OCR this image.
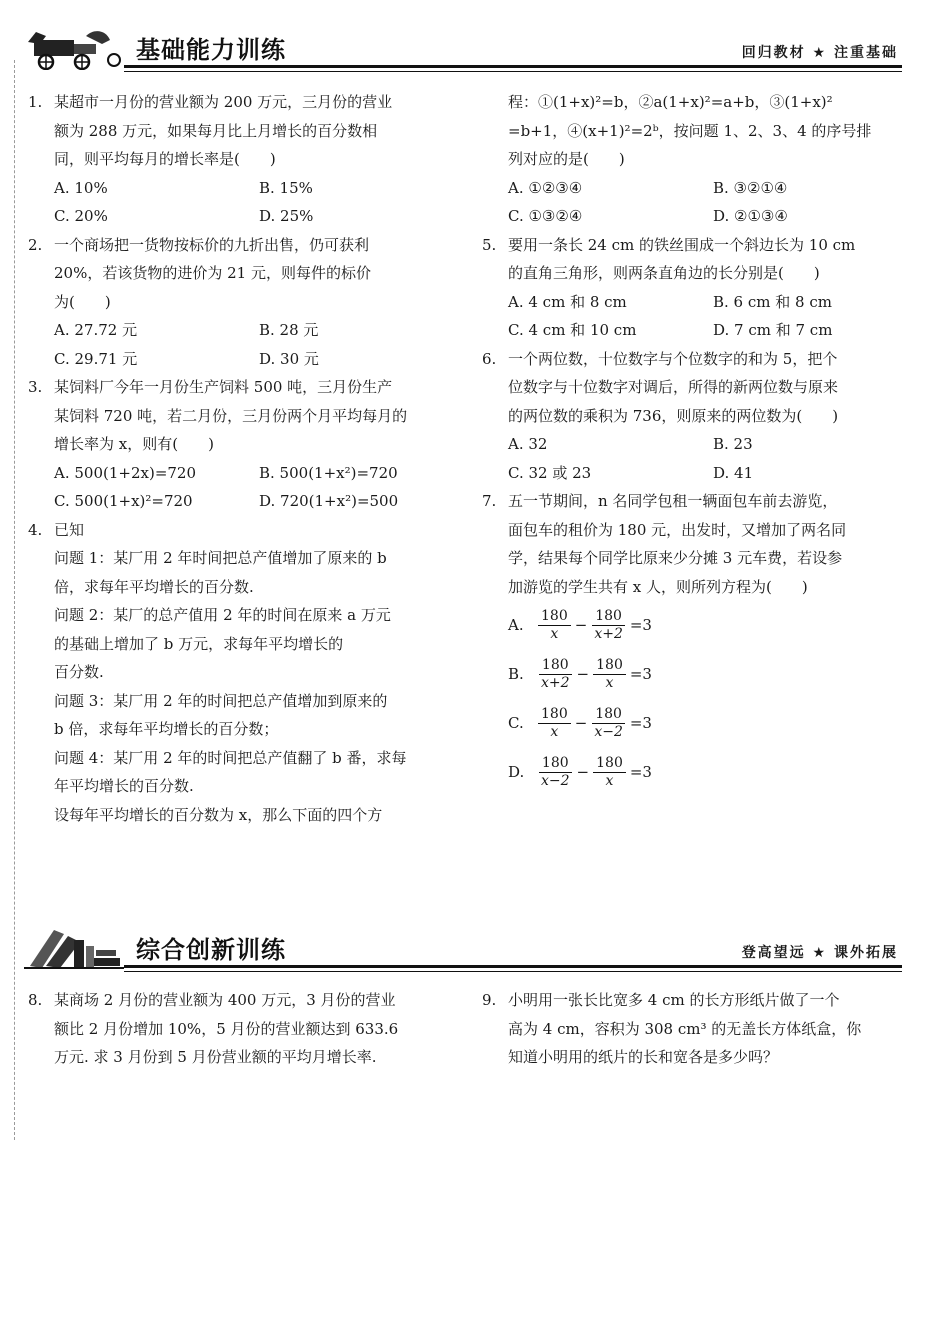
基础能力训练	回归教材 ★ 注重基础
1. 某超市一月份的营业额为 200 万元，三月份的营业

额为 288 万元，如果每月比上月增长的百分数相

同，则平均每月的增长率是(　　)

A. 10%	B. 15%
C. 20%	D. 25%
2. 一个商场把一货物按标价的九折出售，仍可获利

20%，若该货物的进价为 21 元，则每件的标价

为(　　)

A. 27.72 元	B. 28 元
C. 29.71 元	D. 30 元
3. 某饲料厂今年一月份生产饲料 500 吨，三月份生产

某饲料 720 吨，若二月份，三月份两个月平均每月的

增长率为 x，则有(　　)

A. 500(1+2x)=720	B. 500(1+x²)=720
C. 500(1+x)²=720	D. 720(1+x²)=500
4. 已知

问题 1：某厂用 2 年时间把总产值增加了原来的 b

倍，求每年平均增长的百分数.

问题 2：某厂的总产值用 2 年的时间在原来 a 万元

的基础上增加了 b 万元，求每年平均增长的

百分数.

问题 3：某厂用 2 年的时间把总产值增加到原来的

b 倍，求每年平均增长的百分数；

问题 4：某厂用 2 年的时间把总产值翻了 b 番，求每

年平均增长的百分数.

设每年平均增长的百分数为 x，那么下面的四个方

程：①(1+x)²=b，②a(1+x)²=a+b，③(1+x)²

=b+1，④(x+1)²=2ᵇ，按问题 1、2、3、4 的序号排

列对应的是(　　)

A. ①②③④	B. ③②①④
C. ①③②④	D. ②①③④
5. 要用一条长 24 cm 的铁丝围成一个斜边长为 10 cm

的直角三角形，则两条直角边的长分别是(　　)

A. 4 cm 和 8 cm	B. 6 cm 和 8 cm
C. 4 cm 和 10 cm	D. 7 cm 和 7 cm
6. 一个两位数，十位数字与个位数字的和为 5，把个

位数字与十位数字对调后，所得的新两位数与原来

的两位数的乘积为 736，则原来的两位数为(　　)

A. 32	B. 23
C. 32 或 23	D. 41
7. 五一节期间，n 名同学包租一辆面包车前去游览，

面包车的租价为 180 元，出发时，又增加了两名同

学，结果每个同学比原来少分摊 3 元车费，若设参

加游览的学生共有 x 人，则所列方程为(　　)

A.	$\frac{180}{x} - \frac{180}{x+2} =3$
B.	$\frac{180}{x+2} - \frac{180}{x} =3$
C.	$\frac{180}{x} - \frac{180}{x-2} =3$
D. $\frac{180}{x-2} - \frac{180}{x} =3$
综合创新训练	登高望远 ★ 课外拓展
8. 某商场 2 月份的营业额为 400 万元，3 月份的营业

额比 2 月份增加 10%，5 月份的营业额达到 633.6

万元. 求 3 月份到 5 月份营业额的平均月增长率.

9. 小明用一张长比宽多 4 cm 的长方形纸片做了一个

高为 4 cm，容积为 308 cm³ 的无盖长方体纸盒，你

知道小明用的纸片的长和宽各是多少吗？
